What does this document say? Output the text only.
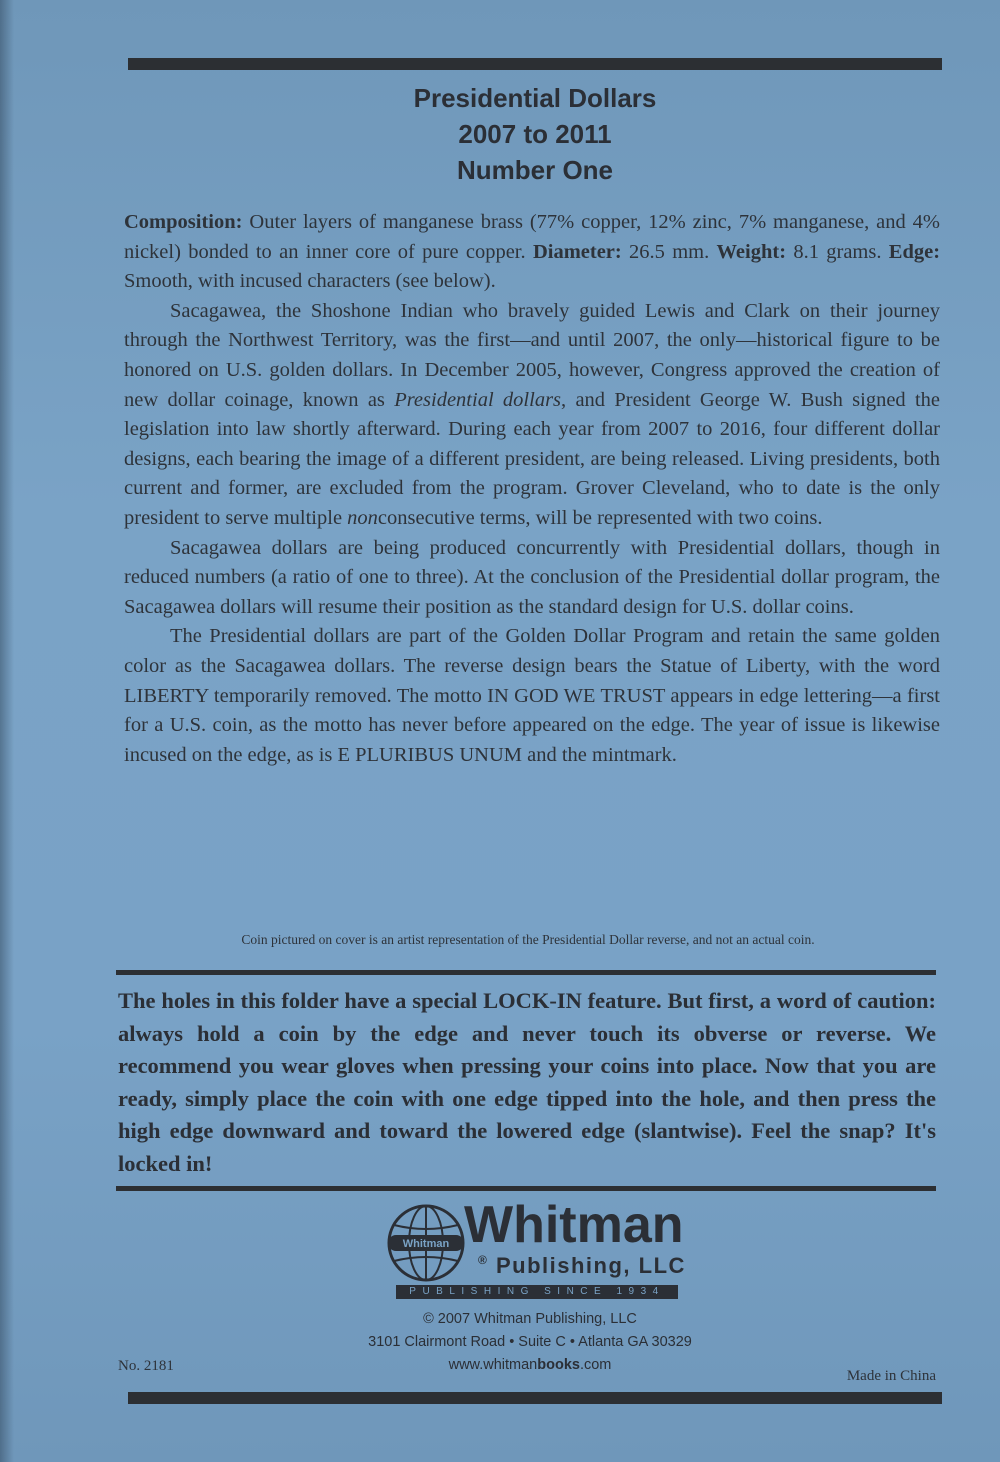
Presidential Dollars
2007 to 2011
Number One

Composition: Outer layers of manganese brass (77% copper, 12% zinc, 7% manganese, and 4% nickel) bonded to an inner core of pure copper. Diameter: 26.5 mm. Weight: 8.1 grams. Edge: Smooth, with incused characters (see below).

Sacagawea, the Shoshone Indian who bravely guided Lewis and Clark on their journey through the Northwest Territory, was the first—and until 2007, the only—historical figure to be honored on U.S. golden dollars. In December 2005, however, Congress approved the creation of new dollar coinage, known as Presidential dollars, and President George W. Bush signed the legislation into law shortly afterward. During each year from 2007 to 2016, four different dollar designs, each bearing the image of a different president, are being released. Living presidents, both current and former, are excluded from the program. Grover Cleveland, who to date is the only president to serve multiple nonconsecutive terms, will be represented with two coins.

Sacagawea dollars are being produced concurrently with Presidential dollars, though in reduced numbers (a ratio of one to three). At the conclusion of the Presidential dollar program, the Sacagawea dollars will resume their position as the standard design for U.S. dollar coins.

The Presidential dollars are part of the Golden Dollar Program and retain the same golden color as the Sacagawea dollars. The reverse design bears the Statue of Liberty, with the word LIBERTY temporarily removed. The motto IN GOD WE TRUST appears in edge lettering—a first for a U.S. coin, as the motto has never before appeared on the edge. The year of issue is likewise incused on the edge, as is E PLURIBUS UNUM and the mintmark.

Coin pictured on cover is an artist representation of the Presidential Dollar reverse, and not an actual coin.
The holes in this folder have a special LOCK-IN feature. But first, a word of caution: always hold a coin by the edge and never touch its obverse or reverse. We recommend you wear gloves when pressing your coins into place. Now that you are ready, simply place the coin with one edge tipped into the hole, and then press the high edge downward and toward the lowered edge (slantwise). Feel the snap? It's locked in!
Whitman Whitman
® Publishing, LLC
PUBLISHING SINCE 1934
© 2007 Whitman Publishing, LLC
3101 Clairmont Road • Suite C • Atlanta GA 30329
www.whitmanbooks.com
No. 2181
Made in China
